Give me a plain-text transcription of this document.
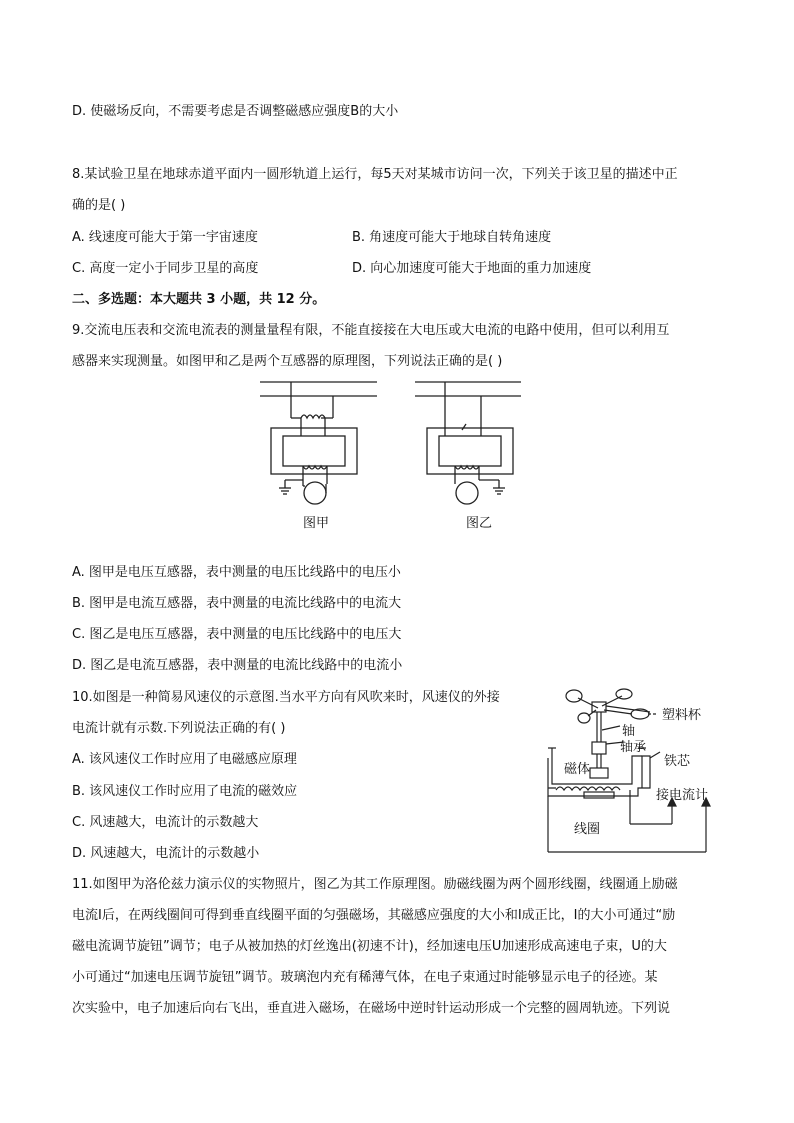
D. 使磁场反向，不需要考虑是否调整磁感应强度B的大小
8.某试验卫星在地球赤道平面内一圆形轨道上运行，每5天对某城市访问一次，下列关于该卫星的描述中正
确的是( )
A. 线速度可能大于第一宇宙速度	B. 角速度可能大于地球自转角速度
C. 高度一定小于同步卫星的高度	D. 向心加速度可能大于地面的重力加速度
二、多选题：本大题共 3 小题，共 12 分。
9.交流电压表和交流电流表的测量量程有限，不能直接接在大电压或大电流的电路中使用，但可以利用互
感器来实现测量。如图甲和乙是两个互感器的原理图，下列说法正确的是( )
图甲	图乙
A. 图甲是电压互感器，表中测量的电压比线路中的电压小
B. 图甲是电流互感器，表中测量的电流比线路中的电流大
C. 图乙是电压互感器，表中测量的电压比线路中的电压大
D. 图乙是电流互感器，表中测量的电流比线路中的电流小
10.如图是一种简易风速仪的示意图.当水平方向有风吹来时，风速仪的外接
电流计就有示数.下列说法正确的有( )
A. 该风速仪工作时应用了电磁感应原理
B. 该风速仪工作时应用了电流的磁效应
C. 风速越大，电流计的示数越大
D. 风速越大，电流计的示数越小
塑料杯
轴
轴承
磁体
铁芯
接电流计
线圈
11.如图甲为洛伦兹力演示仪的实物照片，图乙为其工作原理图。励磁线圈为两个圆形线圈，线圈通上励磁
电流I后，在两线圈间可得到垂直线圈平面的匀强磁场，其磁感应强度的大小和I成正比，I的大小可通过“励
磁电流调节旋钮”调节；电子从被加热的灯丝逸出(初速不计)，经加速电压U加速形成高速电子束，U的大
小可通过“加速电压调节旋钮”调节。玻璃泡内充有稀薄气体，在电子束通过时能够显示电子的径迹。某
次实验中，电子加速后向右飞出，垂直进入磁场，在磁场中逆时针运动形成一个完整的圆周轨迹。下列说
